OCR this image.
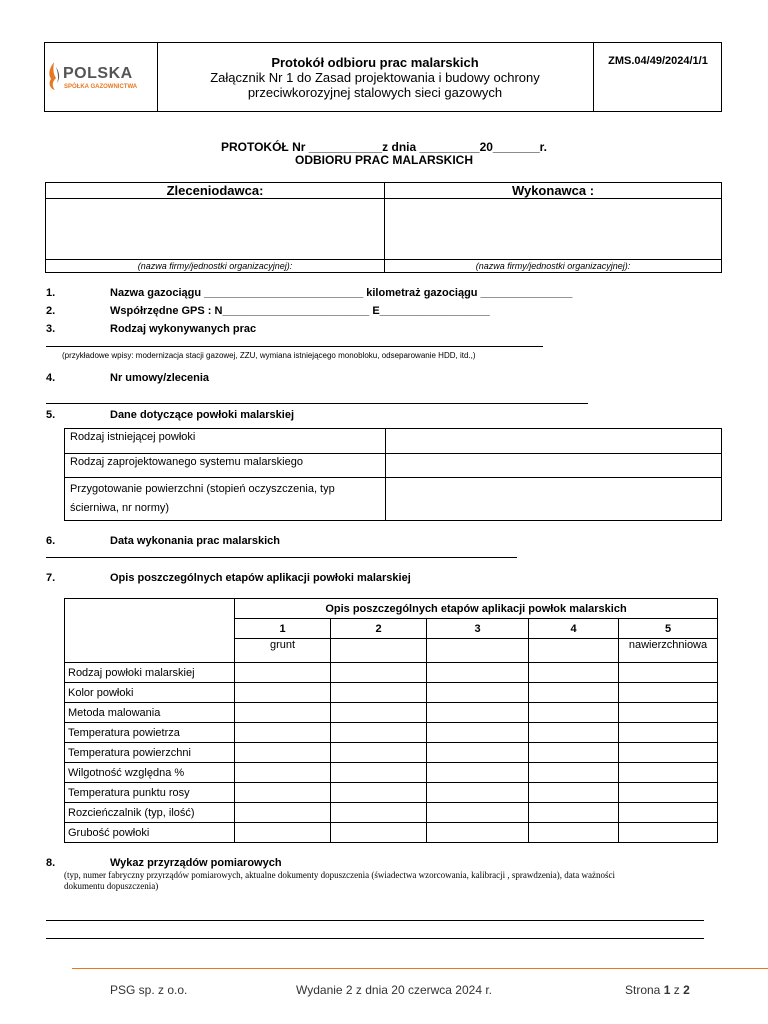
POLSKA
SPÓŁKA GAZOWNICTWA
Protokół odbioru prac malarskich
Załącznik Nr 1 do Zasad projektowania i budowy ochrony
przeciwkorozyjnej stalowych sieci gazowych
ZMS.04/49/2024/1/1
PROTOKÓŁ Nr ___________z dnia _________20_______r.
ODBIORU PRAC MALARSKICH
Zleceniodawca:	Wykonawca :

(nazwa firmy/jednostki organizacyjnej):	(nazwa firmy/jednostki organizacyjnej):
1.	Nazwa gazociągu __________________________ kilometraż gazociągu _______________
2.	Współrzędne GPS : N________________________ E__________________
3.	Rodzaj wykonywanych prac
(przykładowe wpisy: modernizacja stacji gazowej, ZZU, wymiana istniejącego monobloku, odseparowanie HDD, itd.,)
4.	Nr umowy/zlecenia
5.	Dane dotyczące powłoki malarskiej
Rodzaj istniejącej powłoki	
Rodzaj zaprojektowanego systemu malarskiego	
Przygotowanie powierzchni (stopień oczyszczenia, typ
ścierniwa, nr normy)	
6.	Data wykonania prac malarskich
7.	Opis poszczególnych etapów aplikacji powłoki malarskiej
	Opis poszczególnych etapów aplikacji powłok malarskich				
	1	2	3	4	5
	grunt				nawierzchniowa
Rodzaj powłoki malarskiej					
Kolor powłoki					
Metoda malowania					
Temperatura powietrza					
Temperatura powierzchni					
Wilgotność względna %					
Temperatura punktu rosy					
Rozcieńczalnik (typ, ilość)					
Grubość powłoki					
8.	Wykaz przyrządów pomiarowych
(typ, numer fabryczny przyrządów pomiarowych, aktualne dokumenty dopuszczenia (świadectwa wzorcowania, kalibracji , sprawdzenia), data ważności
dokumentu dopuszczenia)
PSG sp. z o.o.	Wydanie 2 z dnia 20 czerwca 2024 r.	Strona 1 z 2
